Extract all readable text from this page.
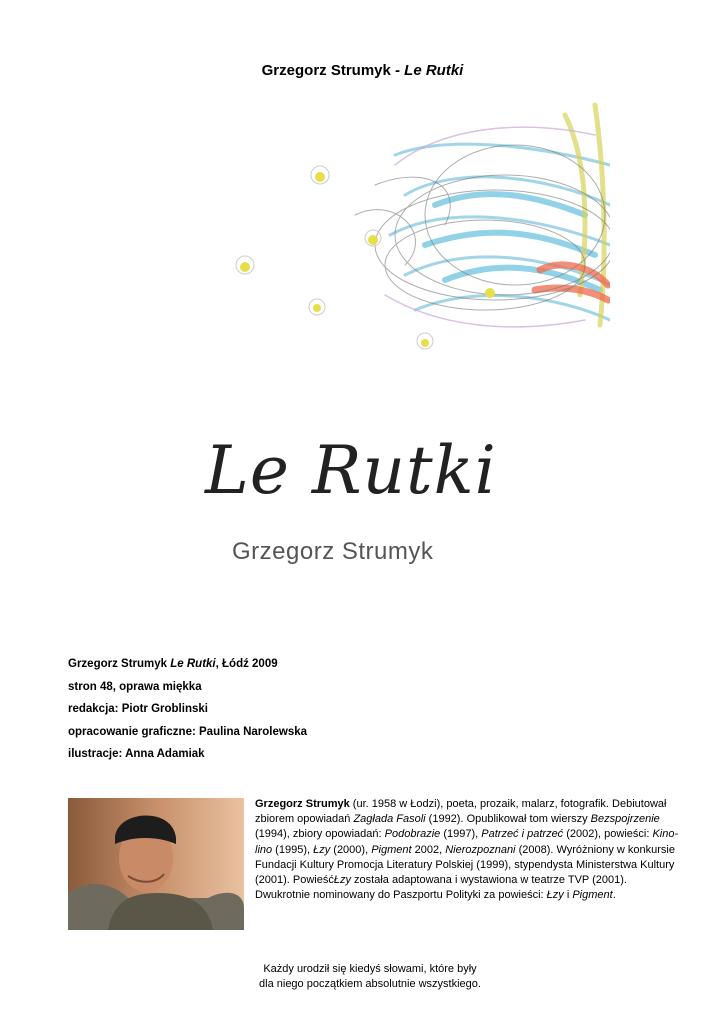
Grzegorz Strumyk - Le Rutki
Le Rutki
Grzegorz Strumyk
Grzegorz Strumyk Le Rutki, Łódź 2009
stron 48, oprawa miękka
redakcja: Piotr Groblinski
opracowanie graficzne: Paulina Narolewska
ilustracje: Anna Adamiak
Grzegorz Strumyk (ur. 1958 w Łodzi), poeta, prozaik, malarz, fotografik. Debiutował zbiorem opowiadań Zagłada Fasoli (1992). Opublikował tom wierszy Bezspojrzenie (1994), zbiory opowiadań: Podobrazie (1997), Patrzeć i patrzeć (2002), powieści: Kino-lino (1995), Łzy (2000), Pigment 2002, Nierozpoznani (2008). Wyróżniony w konkursie Fundacji Kultury Promocja Literatury Polskiej (1999), stypendysta Ministerstwa Kultury (2001). PowieśćŁzy została adaptowana i wystawiona w teatrze TVP (2001). Dwukrotnie nominowany do Paszportu Polityki za powieści: Łzy i Pigment.
Każdy urodził się kiedyś słowami, które były
dla niego początkiem absolutnie wszystkiego.
